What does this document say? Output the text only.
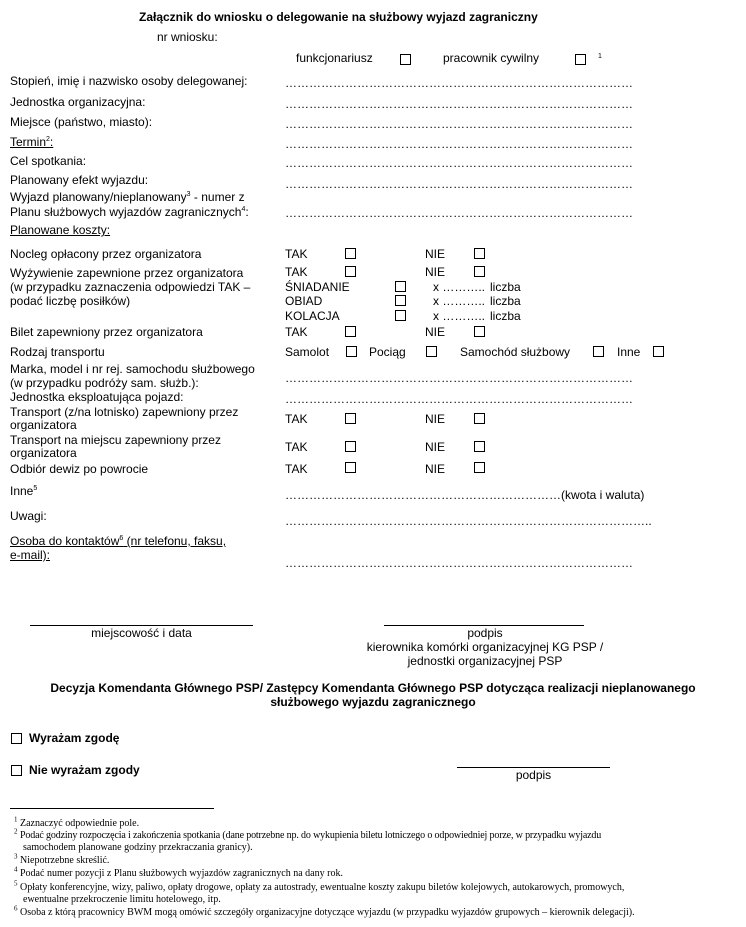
Załącznik do wniosku o delegowanie na służbowy wyjazd zagraniczny
nr wniosku:
funkcjonariusz	pracownik cywilny	1
Stopień, imię i nazwisko osoby delegowanej:	……………………………………………………………………………
Jednostka organizacyjna:	……………………………………………………………………………
Miejsce (państwo, miasto):	……………………………………………………………………………
Termin$^2$:	……………………………………………………………………………
Cel spotkania:	……………………………………………………………………………
Planowany efekt wyjazdu:	……………………………………………………………………………
Wyjazd planowany/nieplanowany$^3$ - numer z
Planu służbowych wyjazdów zagranicznych$^4$:	……………………………………………………………………………
Planowane koszty:
Nocleg opłacony przez organizatora	TAK	NIE
Wyżywienie zapewnione przez organizatora
(w przypadku zaznaczenia odpowiedzi TAK –
podać liczbę posiłków)
TAK	NIE
ŚNIADANIE	x ……….. liczba
OBIAD	x ……….. liczba
KOLACJA	x ……….. liczba
Bilet zapewniony przez organizatora	TAK	NIE
Rodzaj transportu	Samolot	Pociąg	Samochód służbowy	Inne
Marka, model i nr rej. samochodu służbowego
(w przypadku podróży sam. służb.):	……………………………………………………………………………
Jednostka eksploatująca pojazd:	……………………………………………………………………………
Transport (z/na lotnisko) zapewniony przez
organizatora	TAK	NIE
Transport na miejscu zapewniony przez
organizatora	TAK	NIE
Odbiór dewiz po powrocie	TAK	NIE
Inne$^5$	……………………………………………………………(kwota i waluta)
Uwagi:	………………………………………………………………………………..
Osoba do kontaktów$^6$ (nr telefonu, faksu,
e-mail):
……………………………………………………………………………
miejscowość i data	podpis
kierownika komórki organizacyjnej KG PSP /
jednostki organizacyjnej PSP
Decyzja Komendanta Głównego PSP/ Zastępcy Komendanta Głównego PSP dotycząca realizacji nieplanowanego
służbowego wyjazdu zagranicznego
Wyrażam zgodę
Nie wyrażam zgody	podpis
$^1$ Zaznaczyć odpowiednie pole.
$^2$ Podać godziny rozpoczęcia i zakończenia spotkania (dane potrzebne np. do wykupienia biletu lotniczego o odpowiedniej porze, w przypadku wyjazdu
samochodem planowane godziny przekraczania granicy).
$^3$ Niepotrzebne skreślić.
$^4$ Podać numer pozycji z Planu służbowych wyjazdów zagranicznych na dany rok.
$^5$ Opłaty konferencyjne, wizy, paliwo, opłaty drogowe, opłaty za autostrady, ewentualne koszty zakupu biletów kolejowych, autokarowych, promowych,
ewentualne przekroczenie limitu hotelowego, itp.
$^6$ Osoba z którą pracownicy BWM mogą omówić szczegóły organizacyjne dotyczące wyjazdu (w przypadku wyjazdów grupowych – kierownik delegacji).
